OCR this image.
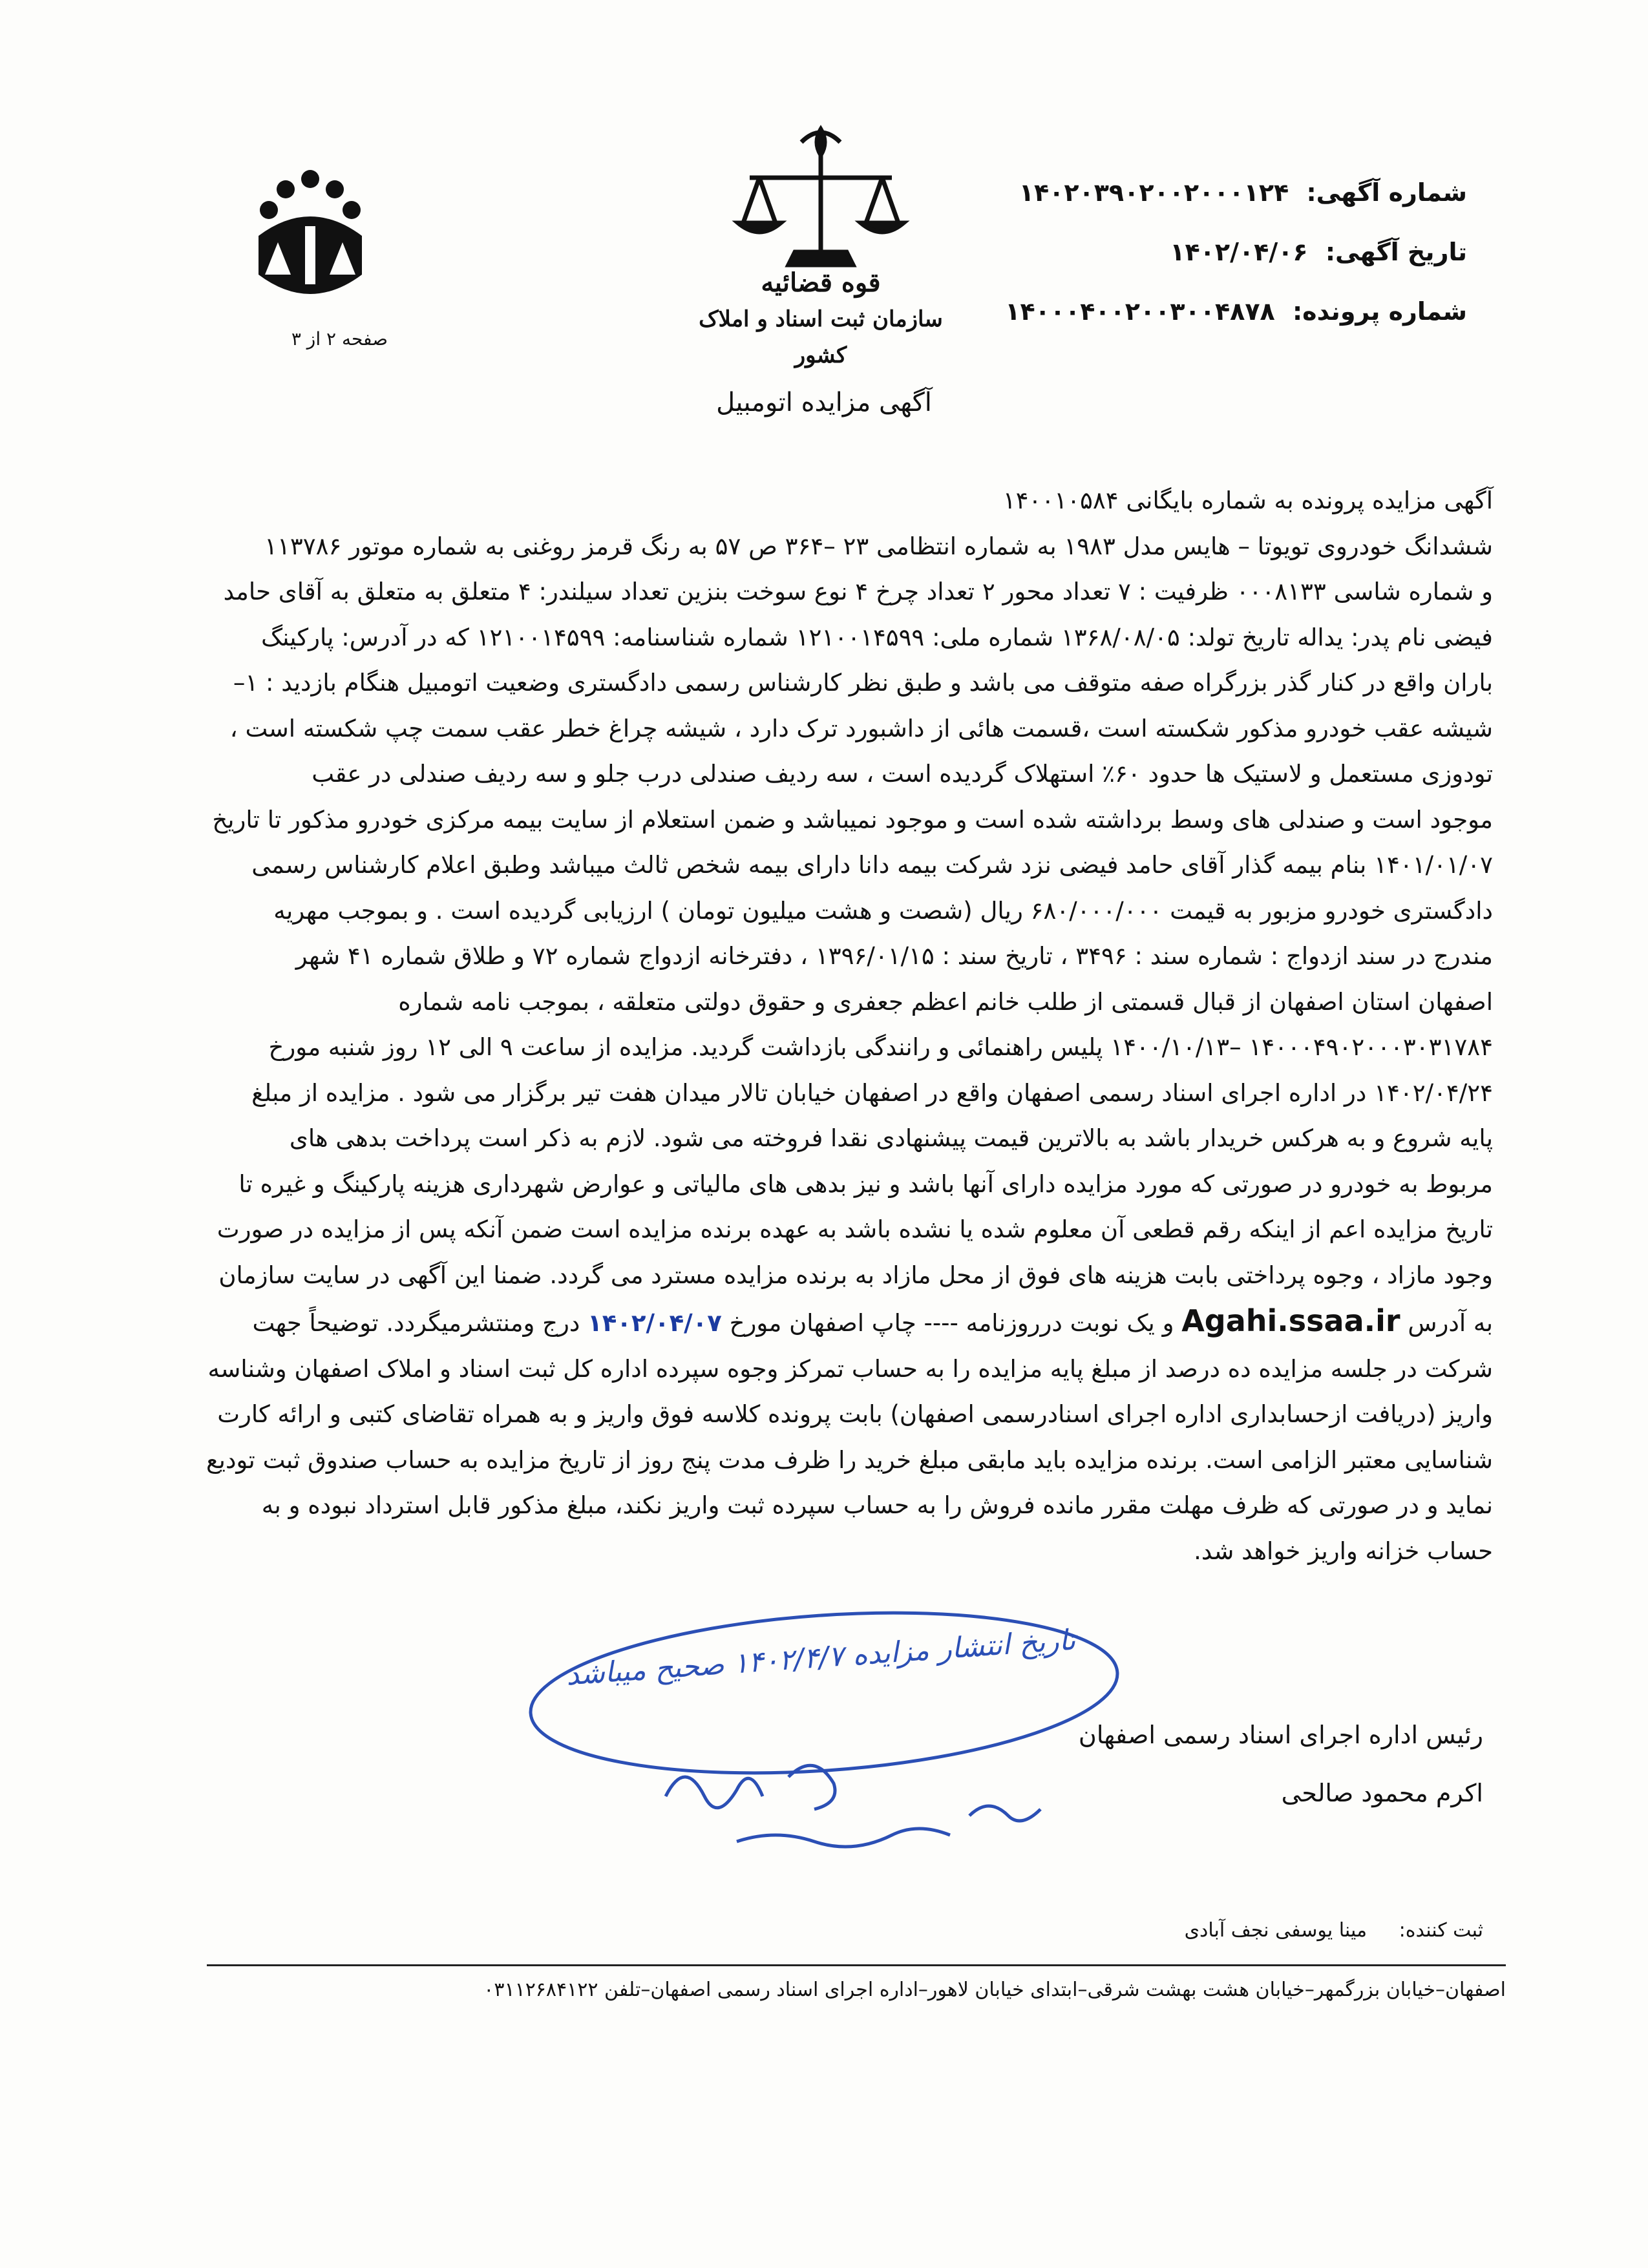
شماره آگهی: ۱۴۰۲۰۳۹۰۲۰۰۲۰۰۰۱۲۴
تاریخ آگهی: ۱۴۰۲/۰۴/۰۶
شماره پرونده: ۱۴۰۰۰۴۰۰۲۰۰۳۰۰۴۸۷۸
قوه قضائیه
سازمان ثبت اسناد و املاک کشور
صفحه ۲ از ۳
آگهی مزایده اتومبیل
آگهی مزایده پرونده به شماره بایگانی ۱۴۰۰۱۰۵۸۴
ششدانگ خودروی تویوتا – هایس مدل ۱۹۸۳ به شماره انتظامی ۲۳ –۳۶۴ ص ۵۷ به رنگ قرمز روغنی به شماره موتور ۱۱۳۷۸۶
و شماره شاسی ۰۰۰۸۱۳۳ ظرفیت : ۷ تعداد محور ۲ تعداد چرخ ۴ نوع سوخت بنزین تعداد سیلندر: ۴ متعلق به متعلق به آقای حامد
فیضی نام پدر: یداله تاریخ تولد: ۱۳۶۸/۰۸/۰۵ شماره ملی: ۱۲۱۰۰۱۴۵۹۹ شماره شناسنامه: ۱۲۱۰۰۱۴۵۹۹ که در آدرس: پارکینگ
باران واقع در کنار گذر بزرگراه صفه متوقف می باشد و طبق نظر کارشناس رسمی دادگستری وضعیت اتومبیل هنگام بازدید : ۱–
شیشه عقب خودرو مذکور شکسته است ،قسمت هائی از داشبورد ترک دارد ، شیشه چراغ خطر عقب سمت چپ شکسته است ،
تودوزی مستعمل و لاستیک ها حدود ۶۰٪ استهلاک گردیده است ، سه ردیف صندلی درب جلو و سه ردیف صندلی در عقب
موجود است و صندلی های وسط برداشته شده است و موجود نمیباشد و ضمن استعلام از سایت بیمه مرکزی خودرو مذکور تا تاریخ
۱۴۰۱/۰۱/۰۷ بنام بیمه گذار آقای حامد فیضی نزد شرکت بیمه دانا دارای بیمه شخص ثالث میباشد وطبق اعلام کارشناس رسمی
دادگستری خودرو مزبور به قیمت ۶۸۰/۰۰۰/۰۰۰ ریال (شصت و هشت میلیون تومان ) ارزیابی گردیده است . و بموجب مهریه
مندرج در سند ازدواج : شماره سند : ۳۴۹۶ ، تاریخ سند : ۱۳۹۶/۰۱/۱۵ ، دفترخانه ازدواج شماره ۷۲ و طلاق شماره ۴۱ شهر
اصفهان استان اصفهان از قبال قسمتی از طلب خانم اعظم جعفری و حقوق دولتی متعلقه ، بموجب نامه شماره
۱۴۰۰۰۴۹۰۲۰۰۰۳۰۳۱۷۸۴ –۱۴۰۰/۱۰/۱۳ پلیس راهنمائی و رانندگی بازداشت گردید. مزایده از ساعت ۹ الی ۱۲ روز شنبه مورخ
۱۴۰۲/۰۴/۲۴ در اداره اجرای اسناد رسمی اصفهان واقع در اصفهان خیابان تالار میدان هفت تیر برگزار می شود . مزایده از مبلغ
پایه شروع و به هرکس خریدار باشد به بالاترین قیمت پیشنهادی نقدا فروخته می شود. لازم به ذکر است پرداخت بدهی های
مربوط به خودرو در صورتی که مورد مزایده دارای آنها باشد و نیز بدهی های مالیاتی و عوارض شهرداری هزینه پارکینگ و غیره تا
تاریخ مزایده اعم از اینکه رقم قطعی آن معلوم شده یا نشده باشد به عهده برنده مزایده است ضمن آنکه پس از مزایده در صورت
وجود مازاد ، وجوه پرداختی بابت هزینه های فوق از محل مازاد به برنده مزایده مسترد می گردد. ضمنا این آگهی در سایت سازمان
به آدرس Agahi.ssaa.ir و یک نوبت درروزنامه ---- چاپ اصفهان مورخ ۱۴۰۲/۰۴/۰۷ درج ومنتشرمیگردد. توضیحاً جهت
شرکت در جلسه مزایده ده درصد از مبلغ پایه مزایده را به حساب تمرکز وجوه سپرده اداره کل ثبت اسناد و املاک اصفهان وشناسه
واریز (دریافت ازحسابداری اداره اجرای اسنادرسمی اصفهان) بابت پرونده کلاسه فوق واریز و به همراه تقاضای کتبی و ارائه کارت
شناسایی معتبر الزامی است. برنده مزایده باید مابقی مبلغ خرید را ظرف مدت پنج روز از تاریخ مزایده به حساب صندوق ثبت تودیع
نماید و در صورتی که ظرف مهلت مقرر مانده فروش را به حساب سپرده ثبت واریز نکند، مبلغ مذکور قابل استرداد نبوده و به
حساب خزانه واریز خواهد شد.
تاریخ انتشار مزایده ۱۴۰۲/۴/۷ صحیح میباشد
رئیس اداره اجرای اسناد رسمی اصفهان
اکرم محمود صالحی
ثبت کننده: مینا یوسفی نجف آبادی
اصفهان–خیابان بزرگمهر–خیابان هشت بهشت شرقی–ابتدای خیابان لاهور–اداره اجرای اسناد رسمی اصفهان–تلفن ۰۳۱۱۲۶۸۴۱۲۲
